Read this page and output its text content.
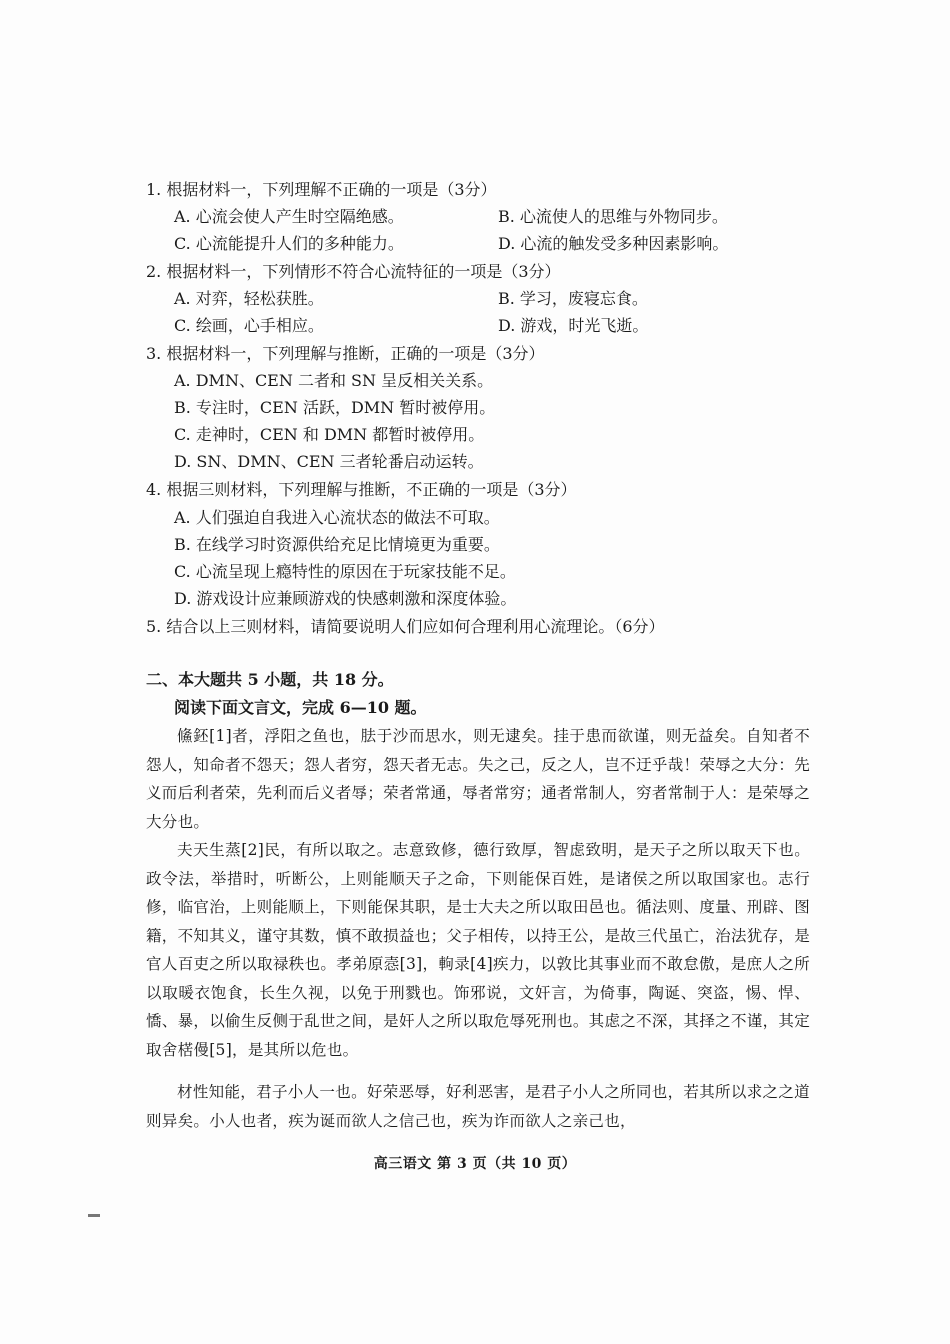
1. 根据材料一，下列理解不正确的一项是（3分）
A. 心流会使人产生时空隔绝感。	B. 心流使人的思维与外物同步。
C. 心流能提升人们的多种能力。	D. 心流的触发受多种因素影响。
2. 根据材料一，下列情形不符合心流特征的一项是（3分）
A. 对弈，轻松获胜。	B. 学习，废寝忘食。
C. 绘画，心手相应。	D. 游戏，时光飞逝。
3. 根据材料一，下列理解与推断，正确的一项是（3分）
A. DMN、CEN 二者和 SN 呈反相关关系。
B. 专注时，CEN 活跃，DMN 暂时被停用。
C. 走神时，CEN 和 DMN 都暂时被停用。
D. SN、DMN、CEN 三者轮番启动运转。
4. 根据三则材料，下列理解与推断，不正确的一项是（3分）
A. 人们强迫自我进入心流状态的做法不可取。
B. 在线学习时资源供给充足比情境更为重要。
C. 心流呈现上瘾特性的原因在于玩家技能不足。
D. 游戏设计应兼顾游戏的快感刺激和深度体验。
5. 结合以上三则材料，请简要说明人们应如何合理利用心流理论。（6分）
二、本大题共 5 小题，共 18 分。
阅读下面文言文，完成 6—10 题。
鯈鉟[1]者，浮阳之鱼也，胠于沙而思水，则无逮矣。挂于患而欲谨，则无益矣。自知者不怨人，知命者不怨天；怨人者穷，怨天者无志。失之己，反之人，岂不迂乎哉！荣辱之大分：先义而后利者荣，先利而后义者辱；荣者常通，辱者常穷；通者常制人，穷者常制于人：是荣辱之大分也。
夫天生蒸[2]民，有所以取之。志意致修，德行致厚，智虑致明，是天子之所以取天下也。政令法，举措时，听断公，上则能顺天子之命，下则能保百姓，是诸侯之所以取国家也。志行修，临官治，上则能顺上，下则能保其职，是士大夫之所以取田邑也。循法则、度量、刑辟、图籍，不知其义，谨守其数，慎不敢损益也；父子相传，以持王公，是故三代虽亡，治法犹存，是官人百吏之所以取禄秩也。孝弟原悫[3]，軥录[4]疾力，以敦比其事业而不敢怠傲，是庶人之所以取暖衣饱食，长生久视，以免于刑戮也。饰邪说，文奸言，为倚事，陶诞、突盗，惕、悍、憍、暴，以偷生反侧于乱世之间，是奸人之所以取危辱死刑也。其虑之不深，其择之不谨，其定取舍楛僈[5]，是其所以危也。
材性知能，君子小人一也。好荣恶辱，好利恶害，是君子小人之所同也，若其所以求之之道则异矣。小人也者，疾为诞而欲人之信己也，疾为诈而欲人之亲己也，
高三语文 第 3 页（共 10 页）
